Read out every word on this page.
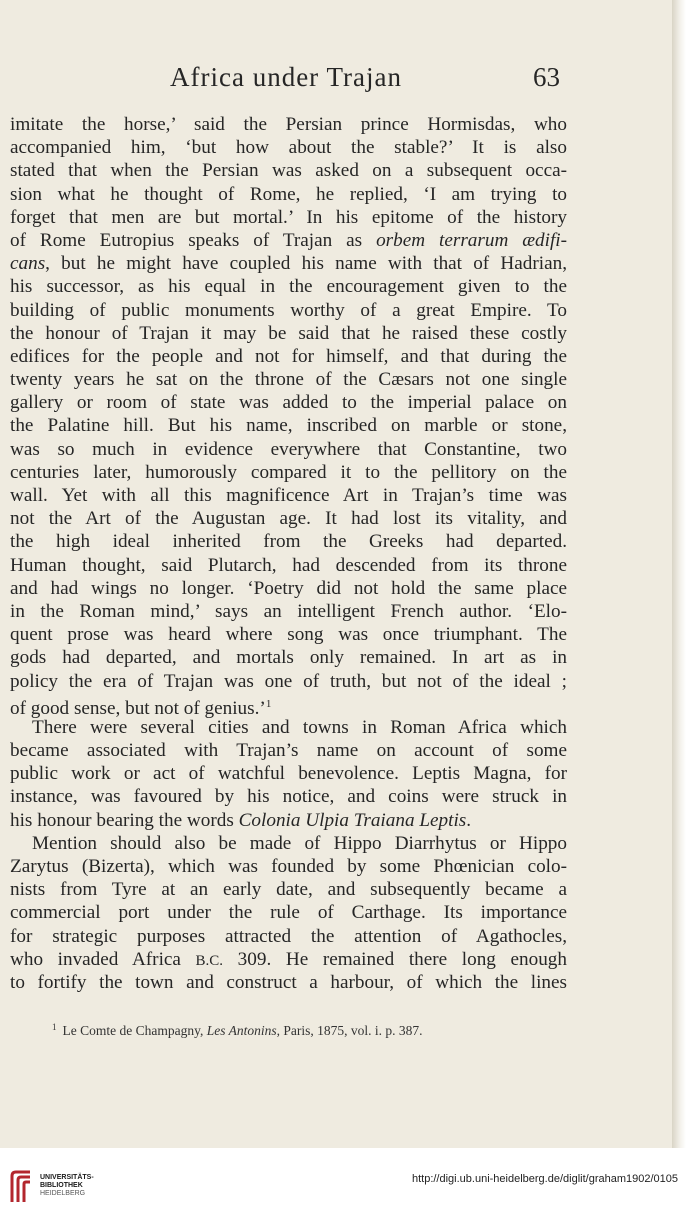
Africa under Trajan	63
imitate the horse,’ said the Persian prince Hormisdas, who
accompanied him, ‘but how about the stable?’ It is also
stated that when the Persian was asked on a subsequent occa-
sion what he thought of Rome, he replied, ‘I am trying to
forget that men are but mortal.’ In his epitome of the history
of Rome Eutropius speaks of Trajan as orbem terrarum ædifi-
cans, but he might have coupled his name with that of Hadrian,
his successor, as his equal in the encouragement given to the
building of public monuments worthy of a great Empire. To
the honour of Trajan it may be said that he raised these costly
edifices for the people and not for himself, and that during the
twenty years he sat on the throne of the Cæsars not one single
gallery or room of state was added to the imperial palace on
the Palatine hill. But his name, inscribed on marble or stone,
was so much in evidence everywhere that Constantine, two
centuries later, humorously compared it to the pellitory on the
wall. Yet with all this magnificence Art in Trajan’s time was
not the Art of the Augustan age. It had lost its vitality, and
the high ideal inherited from the Greeks had departed.
Human thought, said Plutarch, had descended from its throne
and had wings no longer. ‘Poetry did not hold the same place
in the Roman mind,’ says an intelligent French author. ‘Elo-
quent prose was heard where song was once triumphant. The
gods had departed, and mortals only remained. In art as in
policy the era of Trajan was one of truth, but not of the ideal ;
of good sense, but not of genius.’$^1$
There were several cities and towns in Roman Africa which
became associated with Trajan’s name on account of some
public work or act of watchful benevolence. Leptis Magna, for
instance, was favoured by his notice, and coins were struck in
his honour bearing the words Colonia Ulpia Traiana Leptis.
Mention should also be made of Hippo Diarrhytus or Hippo
Zarytus (Bizerta), which was founded by some Phœnician colo-
nists from Tyre at an early date, and subsequently became a
commercial port under the rule of Carthage. Its importance
for strategic purposes attracted the attention of Agathocles,
who invaded Africa B.C. 309. He remained there long enough
to fortify the town and construct a harbour, of which the lines
$^1$ Le Comte de Champagny, Les Antonins, Paris, 1875, vol. i. p. 387.
UNIVERSITÄTS-
BIBLIOTHEK
HEIDELBERG
http://digi.ub.uni-heidelberg.de/diglit/graham1902/0105
